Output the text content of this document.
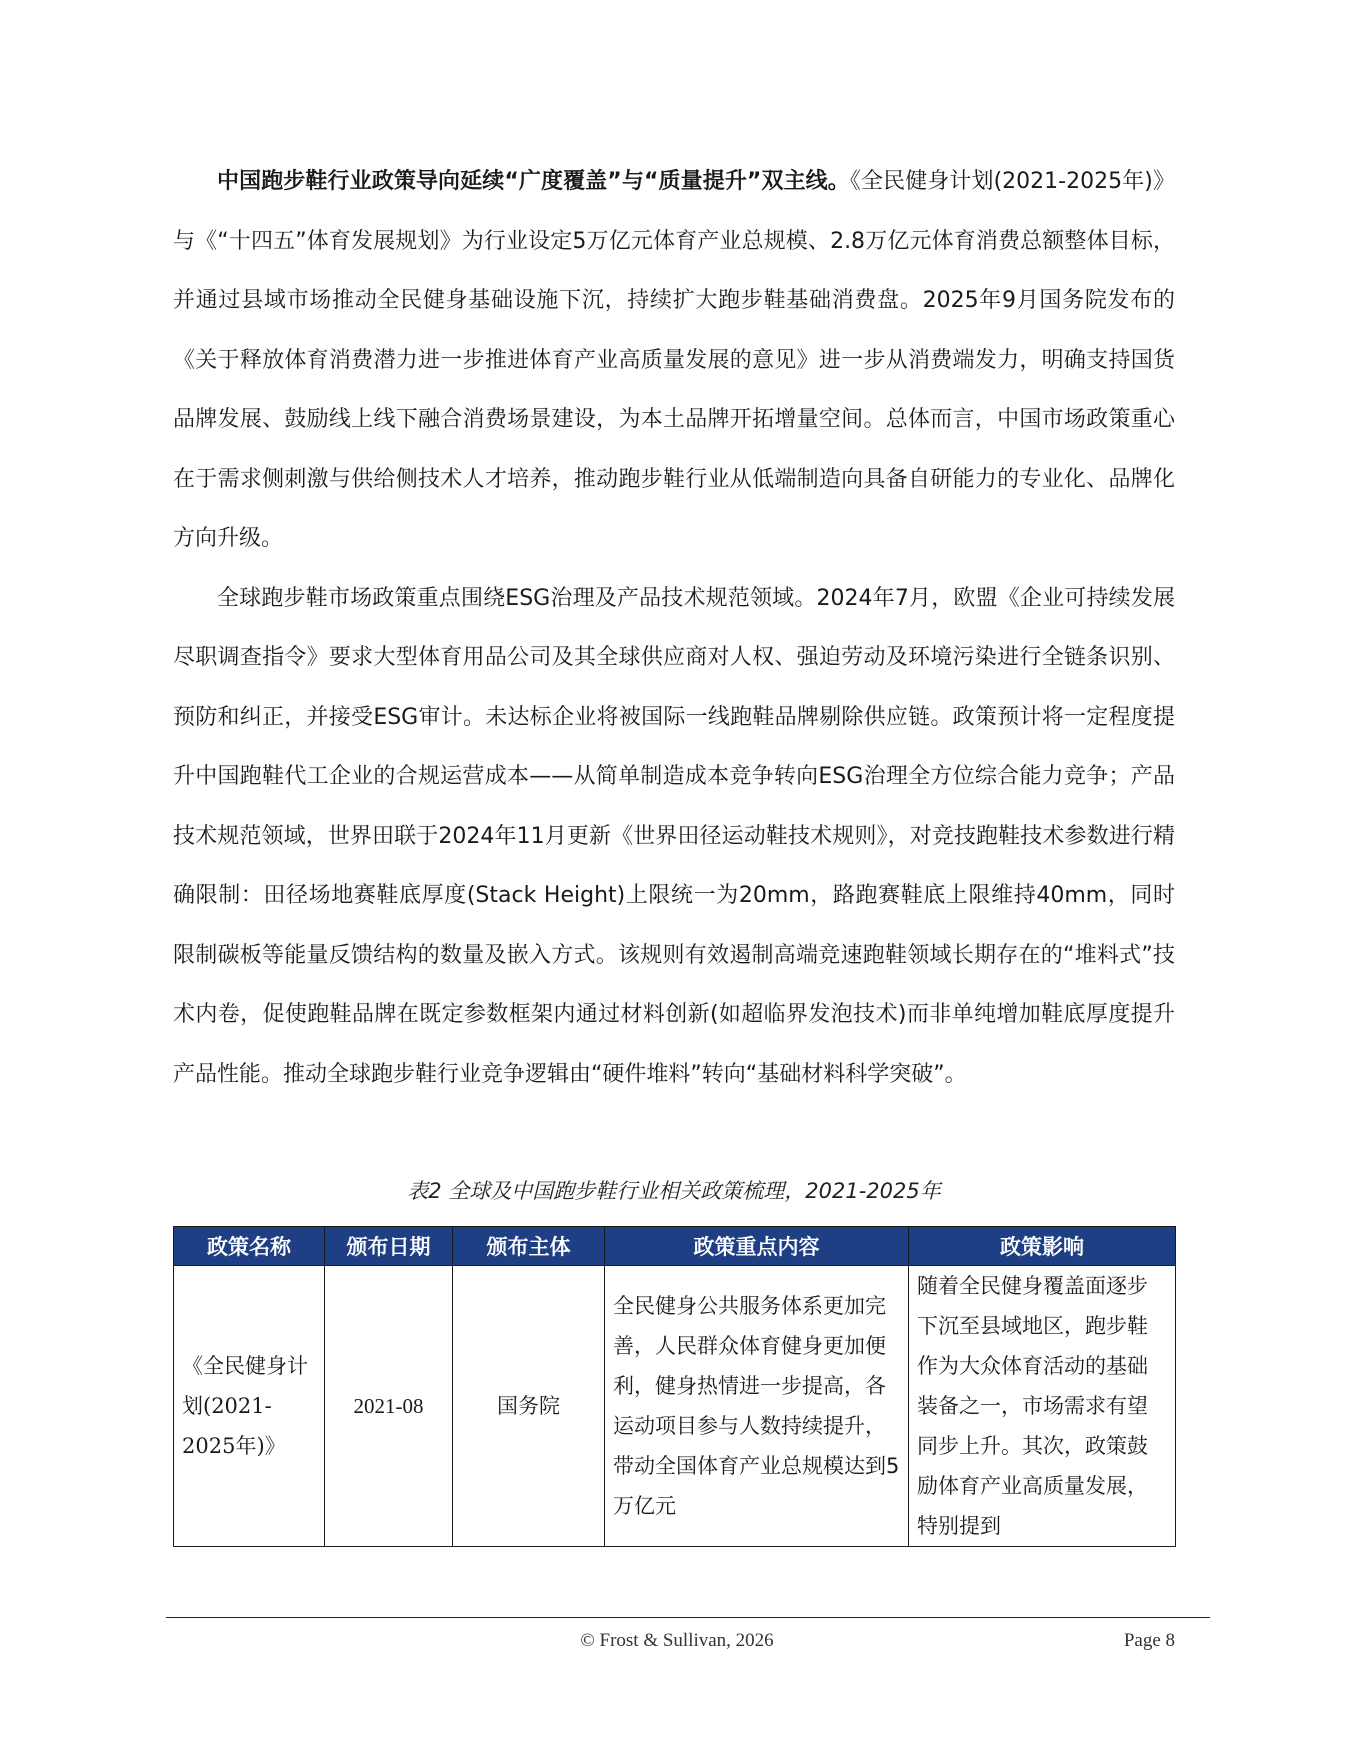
中国跑步鞋行业政策导向延续“广度覆盖”与“质量提升”双主线。《全民健身计划(2021-2025年)》与《“十四五”体育发展规划》为行业设定5万亿元体育产业总规模、2.8万亿元体育消费总额整体目标，并通过县域市场推动全民健身基础设施下沉，持续扩大跑步鞋基础消费盘。2025年9月国务院发布的《关于释放体育消费潜力进一步推进体育产业高质量发展的意见》进一步从消费端发力，明确支持国货品牌发展、鼓励线上线下融合消费场景建设，为本土品牌开拓增量空间。总体而言，中国市场政策重心在于需求侧刺激与供给侧技术人才培养，推动跑步鞋行业从低端制造向具备自研能力的专业化、品牌化方向升级。

全球跑步鞋市场政策重点围绕ESG治理及产品技术规范领域。2024年7月，欧盟《企业可持续发展尽职调查指令》要求大型体育用品公司及其全球供应商对人权、强迫劳动及环境污染进行全链条识别、预防和纠正，并接受ESG审计。未达标企业将被国际一线跑鞋品牌剔除供应链。政策预计将一定程度提升中国跑鞋代工企业的合规运营成本——从简单制造成本竞争转向ESG治理全方位综合能力竞争；产品技术规范领域，世界田联于2024年11月更新《世界田径运动鞋技术规则》，对竞技跑鞋技术参数进行精确限制：田径场地赛鞋底厚度(Stack Height)上限统一为20mm，路跑赛鞋底上限维持40mm，同时限制碳板等能量反馈结构的数量及嵌入方式。该规则有效遏制高端竞速跑鞋领域长期存在的“堆料式”技术内卷，促使跑鞋品牌在既定参数框架内通过材料创新(如超临界发泡技术)而非单纯增加鞋底厚度提升产品性能。推动全球跑步鞋行业竞争逻辑由“硬件堆料”转向“基础材料科学突破”。

表2 全球及中国跑步鞋行业相关政策梳理，2021-2025年
政策名称	颁布日期	颁布主体	政策重点内容	政策影响
《全民健身计划(2021-2025年)》	2021-08	国务院	全民健身公共服务体系更加完善，人民群众体育健身更加便利，健身热情进一步提高，各运动项目参与人数持续提升，带动全国体育产业总规模达到5万亿元	随着全民健身覆盖面逐步下沉至县域地区，跑步鞋作为大众体育活动的基础装备之一，市场需求有望同步上升。其次，政策鼓励体育产业高质量发展，特别提到
© Frost & Sullivan, 2026	Page 8
